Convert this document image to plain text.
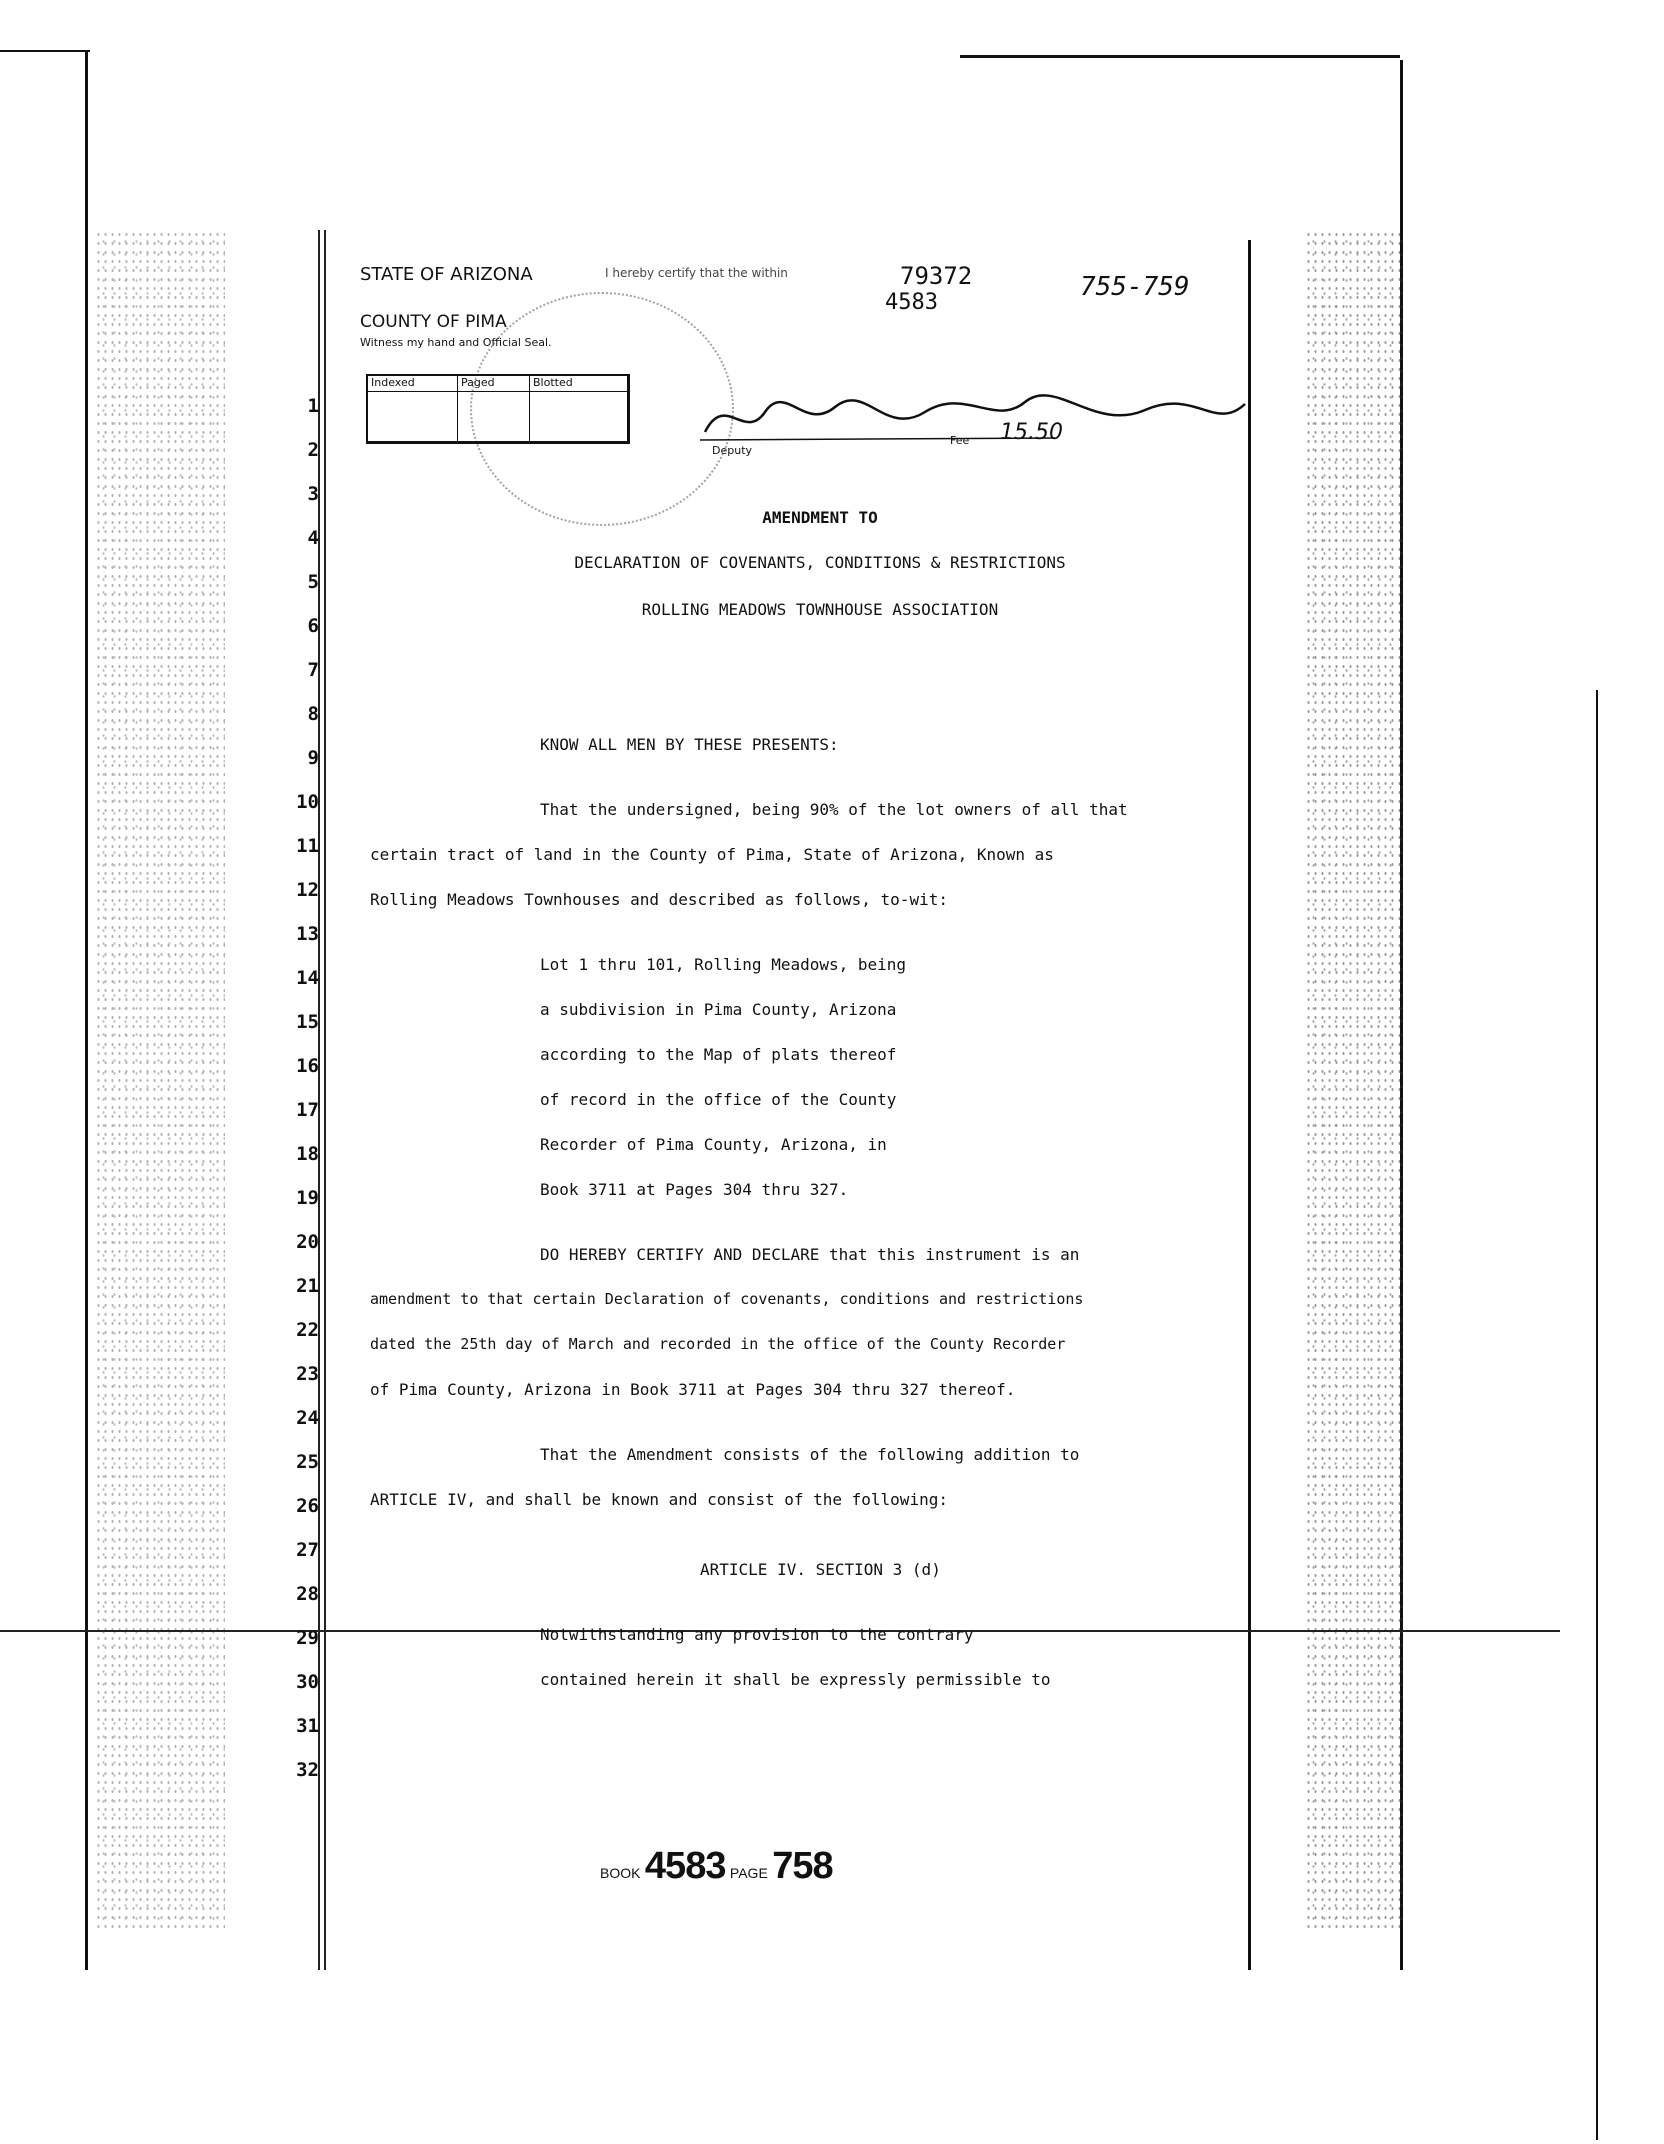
STATE OF ARIZONA
COUNTY OF PIMA
Witness my hand and Official Seal.
I hereby certify that the within
Indexed	Paged	Blotted
79372
4583
755-759
Deputy
Fee 15.50
1
2
3
4
5
6
7
8
9
10
11
12
13
14
15
16
17
18
19
20
21
22
23
24
25
26
27
28
29
30
31
32
AMENDMENT TO
DECLARATION OF COVENANTS, CONDITIONS & RESTRICTIONS
ROLLING MEADOWS TOWNHOUSE ASSOCIATION
KNOW ALL MEN BY THESE PRESENTS:
That the undersigned, being 90% of the lot owners of all that
certain tract of land in the County of Pima, State of Arizona, Known as
Rolling Meadows Townhouses and described as follows, to-wit:
Lot 1 thru 101, Rolling Meadows, being
a subdivision in Pima County, Arizona
according to the Map of plats thereof
of record in the office of the County
Recorder of Pima County, Arizona, in
Book 3711 at Pages 304 thru 327.
DO HEREBY CERTIFY AND DECLARE that this instrument is an
amendment to that certain Declaration of covenants, conditions and restrictions
dated the 25th day of March and recorded in the office of the County Recorder
of Pima County, Arizona in Book 3711 at Pages 304 thru 327 thereof.
That the Amendment consists of the following addition to
ARTICLE IV, and shall be known and consist of the following:
ARTICLE IV. SECTION 3 (d)
Notwithstanding any provision to the contrary
contained herein it shall be expressly permissible to
BOOK 4583 PAGE 758
